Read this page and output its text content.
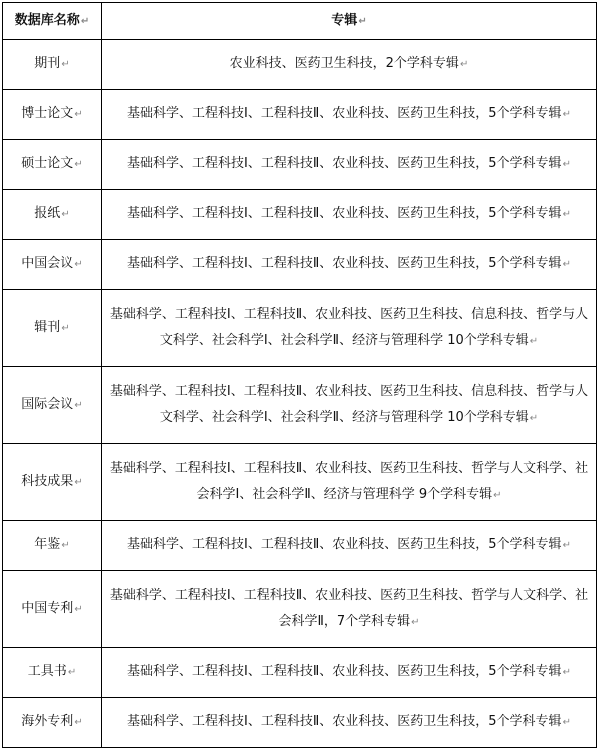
数据库名称↵	专辑↵
期刊↵	农业科技、医药卫生科技，2个学科专辑↵
博士论文↵	基础科学、工程科技Ⅰ、工程科技Ⅱ、农业科技、医药卫生科技，5个学科专辑↵
硕士论文↵	基础科学、工程科技Ⅰ、工程科技Ⅱ、农业科技、医药卫生科技，5个学科专辑↵
报纸↵	基础科学、工程科技Ⅰ、工程科技Ⅱ、农业科技、医药卫生科技，5个学科专辑↵
中国会议↵	基础科学、工程科技Ⅰ、工程科技Ⅱ、农业科技、医药卫生科技，5个学科专辑↵
辑刊↵	基础科学、工程科技Ⅰ、工程科技Ⅱ、农业科技、医药卫生科技、信息科技、哲学与人文科学、社会科学Ⅰ、社会科学Ⅱ、经济与管理科学 10个学科专辑↵
国际会议↵	基础科学、工程科技Ⅰ、工程科技Ⅱ、农业科技、医药卫生科技、信息科技、哲学与人文科学、社会科学Ⅰ、社会科学Ⅱ、经济与管理科学 10个学科专辑↵
科技成果↵	基础科学、工程科技Ⅰ、工程科技Ⅱ、农业科技、医药卫生科技、哲学与人文科学、社会科学Ⅰ、社会科学Ⅱ、经济与管理科学 9个学科专辑↵
年鉴↵	基础科学、工程科技Ⅰ、工程科技Ⅱ、农业科技、医药卫生科技，5个学科专辑↵
中国专利↵	基础科学、工程科技Ⅰ、工程科技Ⅱ、农业科技、医药卫生科技、哲学与人文科学、社会科学Ⅱ，7个学科专辑↵
工具书↵	基础科学、工程科技Ⅰ、工程科技Ⅱ、农业科技、医药卫生科技，5个学科专辑↵
海外专利↵	基础科学、工程科技Ⅰ、工程科技Ⅱ、农业科技、医药卫生科技，5个学科专辑↵
